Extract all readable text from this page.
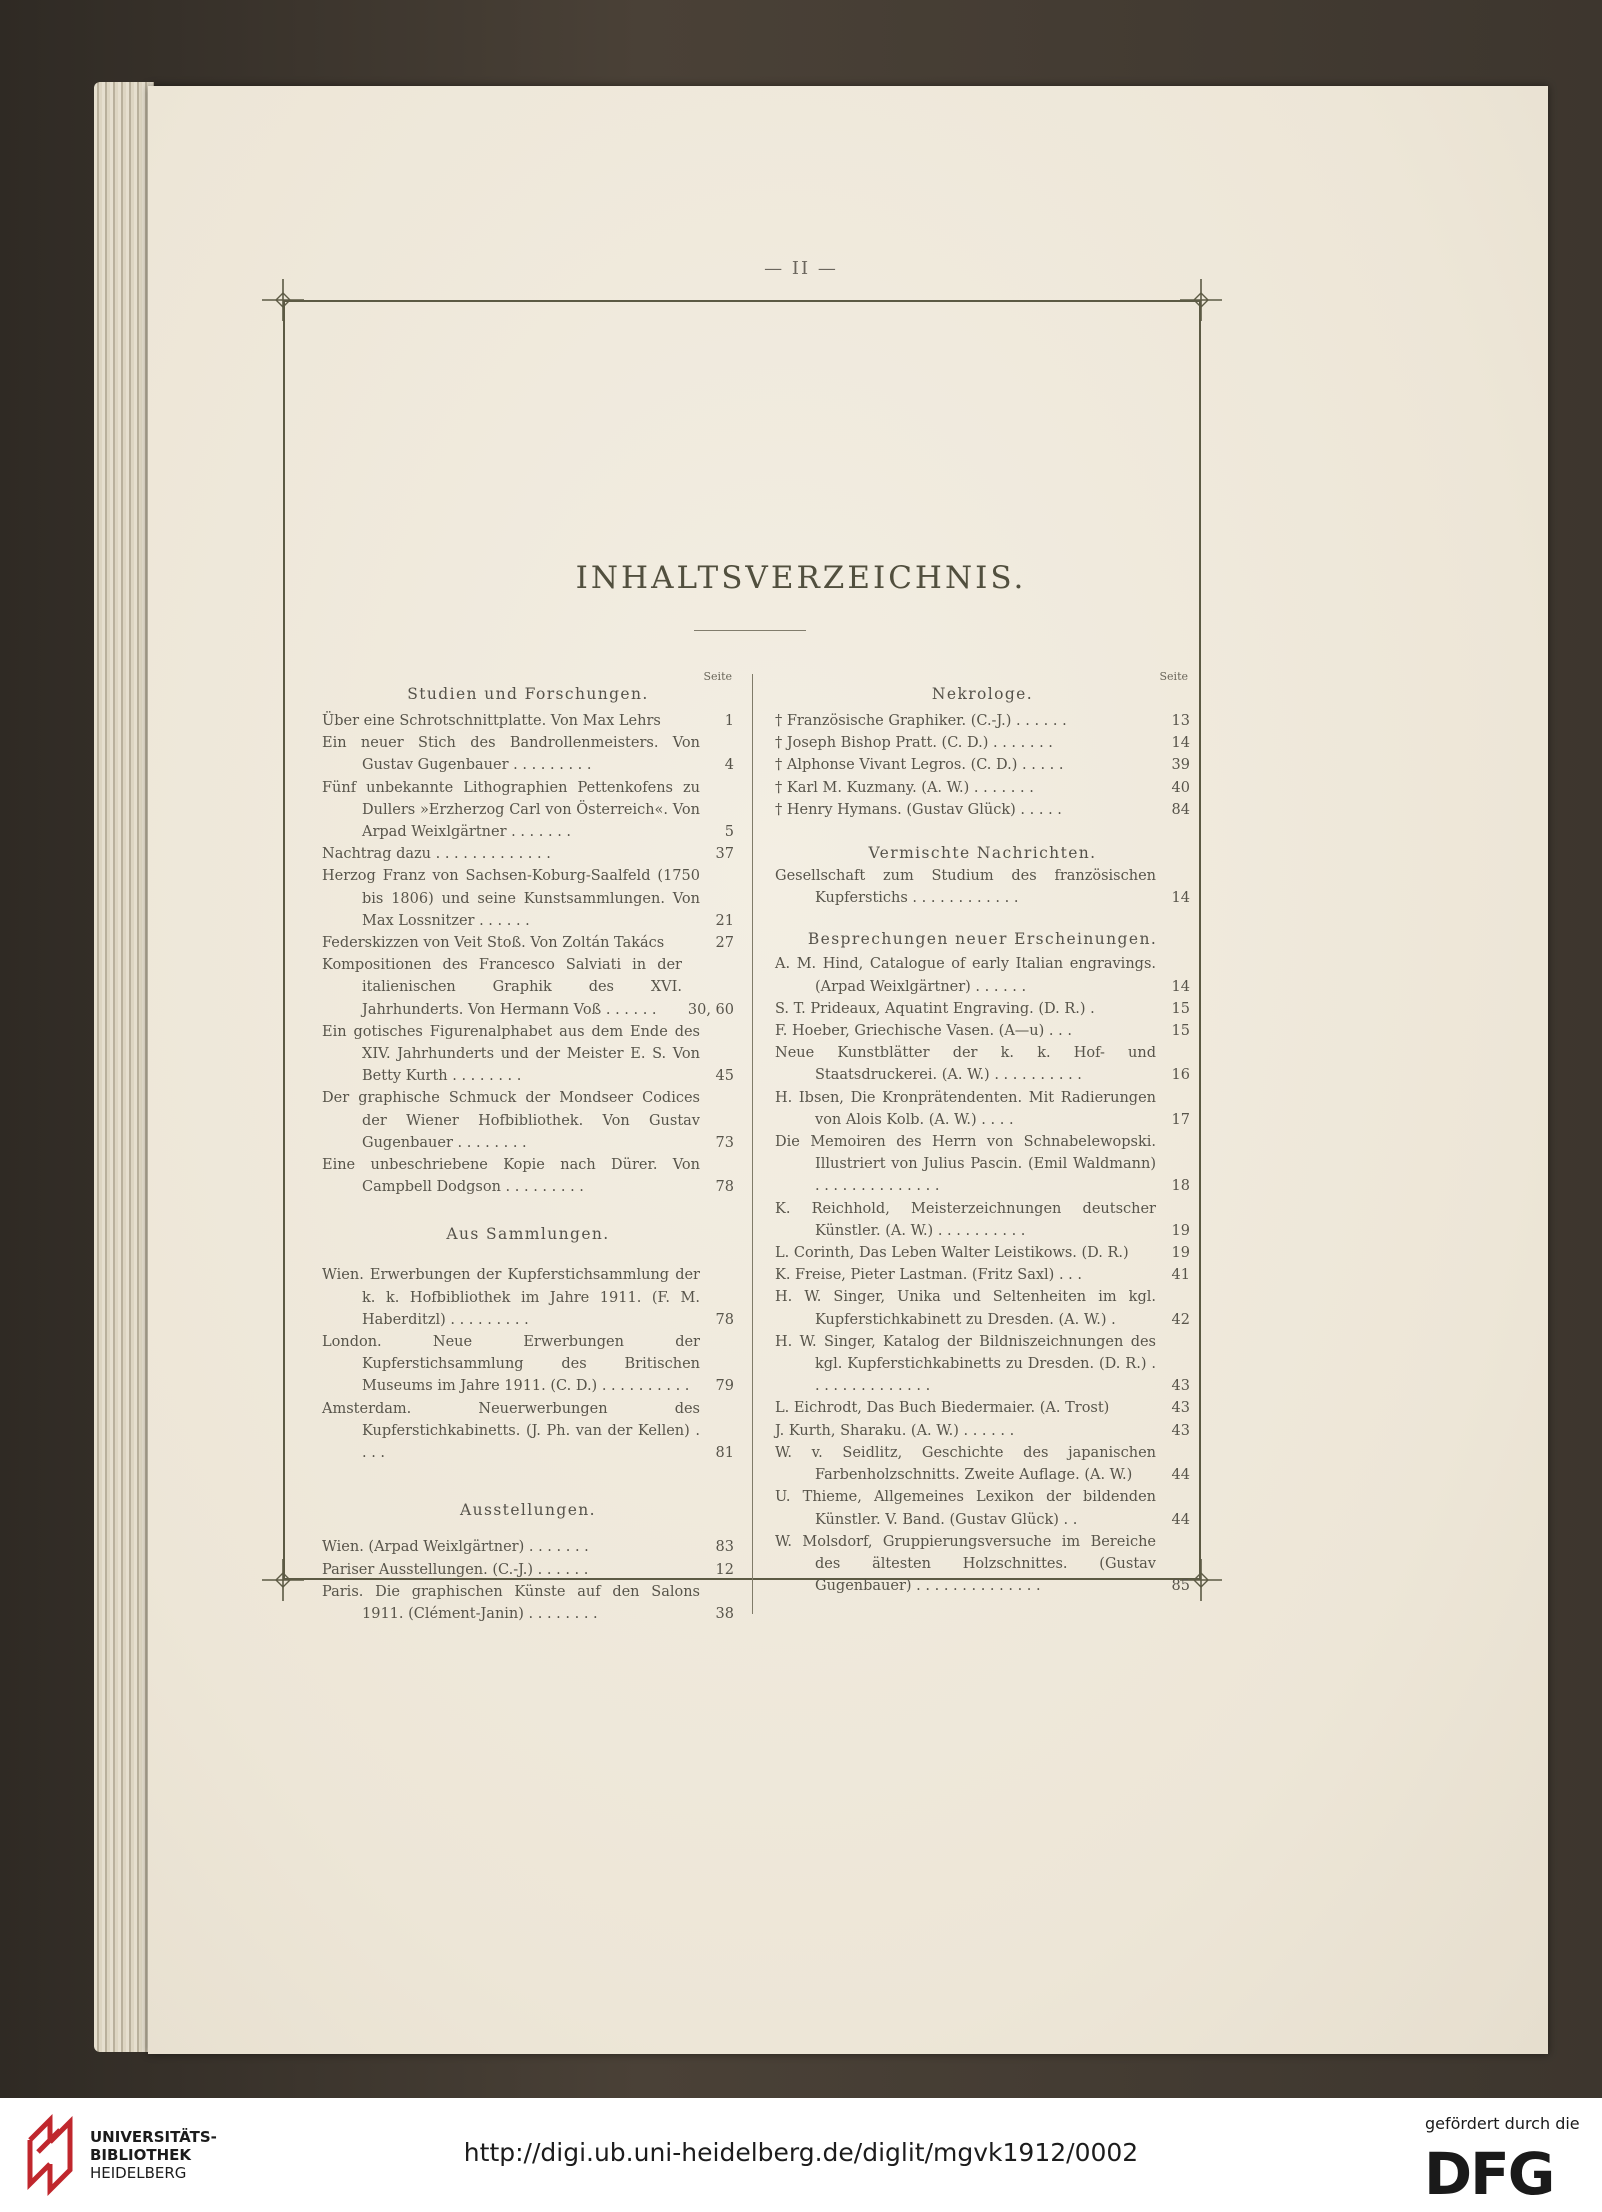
— II —
INHALTSVERZEICHNIS.
Seite
Studien und Forschungen.
Über eine Schrotschnittplatte. Von Max Lehrs	1
Ein neuer Stich des Bandrollenmeisters. Von Gustav Gugenbauer . . . . . . . . .	4
Fünf unbekannte Lithographien Pettenkofens zu Dullers »Erzherzog Carl von Österreich«. Von Arpad Weixlgärtner . . . . . . .	5
Nachtrag dazu . . . . . . . . . . . . .	37
Herzog Franz von Sachsen-Koburg-Saalfeld (1750 bis 1806) und seine Kunstsammlungen. Von Max Lossnitzer . . . . . .	21
Federskizzen von Veit Stoß. Von Zoltán Takács	27
Kompositionen des Francesco Salviati in der italienischen Graphik des XVI. Jahrhunderts. Von Hermann Voß . . . . . .	30, 60
Ein gotisches Figurenalphabet aus dem Ende des XIV. Jahrhunderts und der Meister E. S. Von Betty Kurth . . . . . . . .	45
Der graphische Schmuck der Mondseer Codices der Wiener Hofbibliothek. Von Gustav Gugenbauer . . . . . . . .	73
Eine unbeschriebene Kopie nach Dürer. Von Campbell Dodgson . . . . . . . . .	78
Aus Sammlungen.
Wien. Erwerbungen der Kupferstichsammlung der k. k. Hofbibliothek im Jahre 1911. (F. M. Haberditzl) . . . . . . . . .	78
London. Neue Erwerbungen der Kupferstichsammlung des Britischen Museums im Jahre 1911. (C. D.) . . . . . . . . . .	79
Amsterdam. Neuerwerbungen des Kupferstichkabinetts. (J. Ph. van der Kellen) . . . .	81
Ausstellungen.
Wien. (Arpad Weixlgärtner) . . . . . . .	83
Pariser Ausstellungen. (C.-J.) . . . . . .	12
Paris. Die graphischen Künste auf den Salons 1911. (Clément-Janin) . . . . . . . .	38
Seite
Nekrologe.
† Französische Graphiker. (C.-J.) . . . . . .	13
† Joseph Bishop Pratt. (C. D.) . . . . . . .	14
† Alphonse Vivant Legros. (C. D.) . . . . .	39
† Karl M. Kuzmany. (A. W.) . . . . . . .	40
† Henry Hymans. (Gustav Glück) . . . . .	84
Vermischte Nachrichten.
Gesellschaft zum Studium des französischen Kupferstichs . . . . . . . . . . . .	14
Besprechungen neuer Erscheinungen.
A. M. Hind, Catalogue of early Italian engravings. (Arpad Weixlgärtner) . . . . . .	14
S. T. Prideaux, Aquatint Engraving. (D. R.) .	15
F. Hoeber, Griechische Vasen. (A—u) . . .	15
Neue Kunstblätter der k. k. Hof- und Staatsdruckerei. (A. W.) . . . . . . . . . .	16
H. Ibsen, Die Kronprätendenten. Mit Radierungen von Alois Kolb. (A. W.) . . . .	17
Die Memoiren des Herrn von Schnabelewopski. Illustriert von Julius Pascin. (Emil Waldmann) . . . . . . . . . . . . . .	18
K. Reichhold, Meisterzeichnungen deutscher Künstler. (A. W.) . . . . . . . . . .	19
L. Corinth, Das Leben Walter Leistikows. (D. R.)	19
K. Freise, Pieter Lastman. (Fritz Saxl) . . .	41
H. W. Singer, Unika und Seltenheiten im kgl. Kupferstichkabinett zu Dresden. (A. W.) .	42
H. W. Singer, Katalog der Bildniszeichnungen des kgl. Kupferstichkabinetts zu Dresden. (D. R.) . . . . . . . . . . . . . .	43
L. Eichrodt, Das Buch Biedermaier. (A. Trost)	43
J. Kurth, Sharaku. (A. W.) . . . . . .	43
W. v. Seidlitz, Geschichte des japanischen Farbenholzschnitts. Zweite Auflage. (A. W.)	44
U. Thieme, Allgemeines Lexikon der bildenden Künstler. V. Band. (Gustav Glück) . .	44
W. Molsdorf, Gruppierungsversuche im Bereiche des ältesten Holzschnittes. (Gustav Gugenbauer) . . . . . . . . . . . . . .	85
UNIVERSITÄTS-
BIBLIOTHEK
HEIDELBERG
http://digi.ub.uni-heidelberg.de/diglit/mgvk1912/0002
gefördert durch die
DFG
